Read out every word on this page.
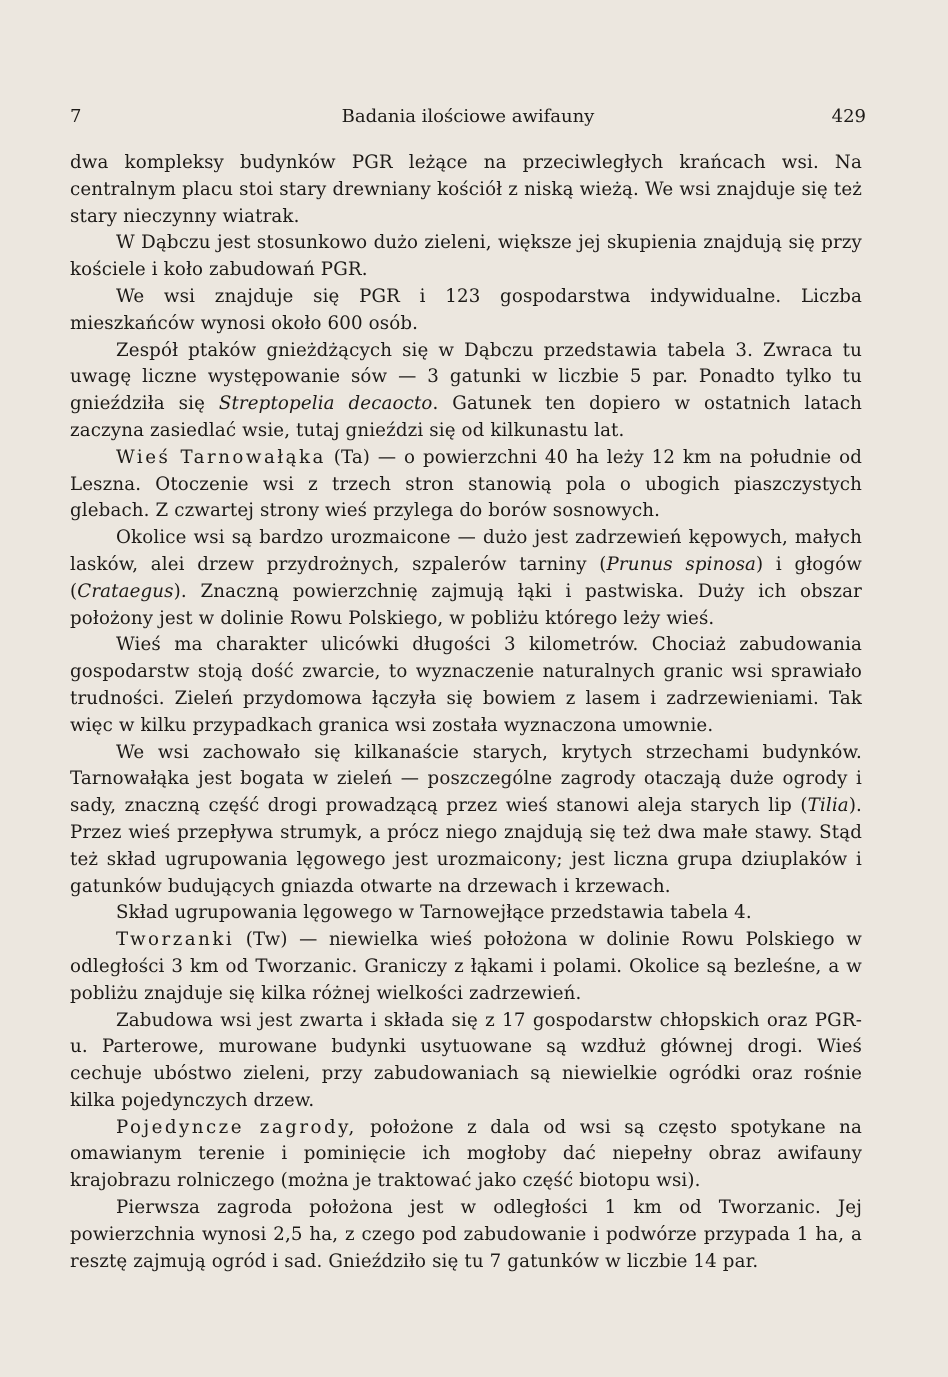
7	Badania ilościowe awifauny	429

dwa kompleksy budynków PGR leżące na przeciwległych krańcach wsi. Na centralnym placu stoi stary drewniany kościół z niską wieżą. We wsi znajduje się też stary nieczynny wiatrak.

W Dąbczu jest stosunkowo dużo zieleni, większe jej skupienia znajdują się przy kościele i koło zabudowań PGR.

We wsi znajduje się PGR i 123 gospodarstwa indywidualne. Liczba mieszkańców wynosi około 600 osób.

Zespół ptaków gnieżdżących się w Dąbczu przedstawia tabela 3. Zwraca tu uwagę liczne występowanie sów — 3 gatunki w liczbie 5 par. Ponadto tylko tu gnieździła się Streptopelia decaocto. Gatunek ten dopiero w ostatnich latach zaczyna zasiedlać wsie, tutaj gnieździ się od kilkunastu lat.

Wieś Tarnowałąka (Ta) — o powierzchni 40 ha leży 12 km na południe od Leszna. Otoczenie wsi z trzech stron stanowią pola o ubogich piaszczystych glebach. Z czwartej strony wieś przylega do borów sosnowych.

Okolice wsi są bardzo urozmaicone — dużo jest zadrzewień kępowych, małych lasków, alei drzew przydrożnych, szpalerów tarniny (Prunus spinosa) i głogów (Crataegus). Znaczną powierzchnię zajmują łąki i pastwiska. Duży ich obszar położony jest w dolinie Rowu Polskiego, w pobliżu którego leży wieś.

Wieś ma charakter ulicówki długości 3 kilometrów. Chociaż zabudowania gospodarstw stoją dość zwarcie, to wyznaczenie naturalnych granic wsi sprawiało trudności. Zieleń przydomowa łączyła się bowiem z lasem i zadrzewieniami. Tak więc w kilku przypadkach granica wsi została wyznaczona umownie.

We wsi zachowało się kilkanaście starych, krytych strzechami budynków. Tarnowałąka jest bogata w zieleń — poszczególne zagrody otaczają duże ogrody i sady, znaczną część drogi prowadzącą przez wieś stanowi aleja starych lip (Tilia). Przez wieś przepływa strumyk, a prócz niego znajdują się też dwa małe stawy. Stąd też skład ugrupowania lęgowego jest urozmaicony; jest liczna grupa dziuplaków i gatunków budujących gniazda otwarte na drzewach i krzewach.

Skład ugrupowania lęgowego w Tarnowejłące przedstawia tabela 4.

Tworzanki (Tw) — niewielka wieś położona w dolinie Rowu Polskiego w odległości 3 km od Tworzanic. Graniczy z łąkami i polami. Okolice są bezleśne, a w pobliżu znajduje się kilka różnej wielkości zadrzewień.

Zabudowa wsi jest zwarta i składa się z 17 gospodarstw chłopskich oraz PGR-u. Parterowe, murowane budynki usytuowane są wzdłuż głównej drogi. Wieś cechuje ubóstwo zieleni, przy zabudowaniach są niewielkie ogródki oraz rośnie kilka pojedynczych drzew.

Pojedyncze zagrody, położone z dala od wsi są często spotykane na omawianym terenie i pominięcie ich mogłoby dać niepełny obraz awifauny krajobrazu rolniczego (można je traktować jako część biotopu wsi).

Pierwsza zagroda położona jest w odległości 1 km od Tworzanic. Jej powierzchnia wynosi 2,5 ha, z czego pod zabudowanie i podwórze przypada 1 ha, a resztę zajmują ogród i sad. Gnieździło się tu 7 gatunków w liczbie 14 par.
